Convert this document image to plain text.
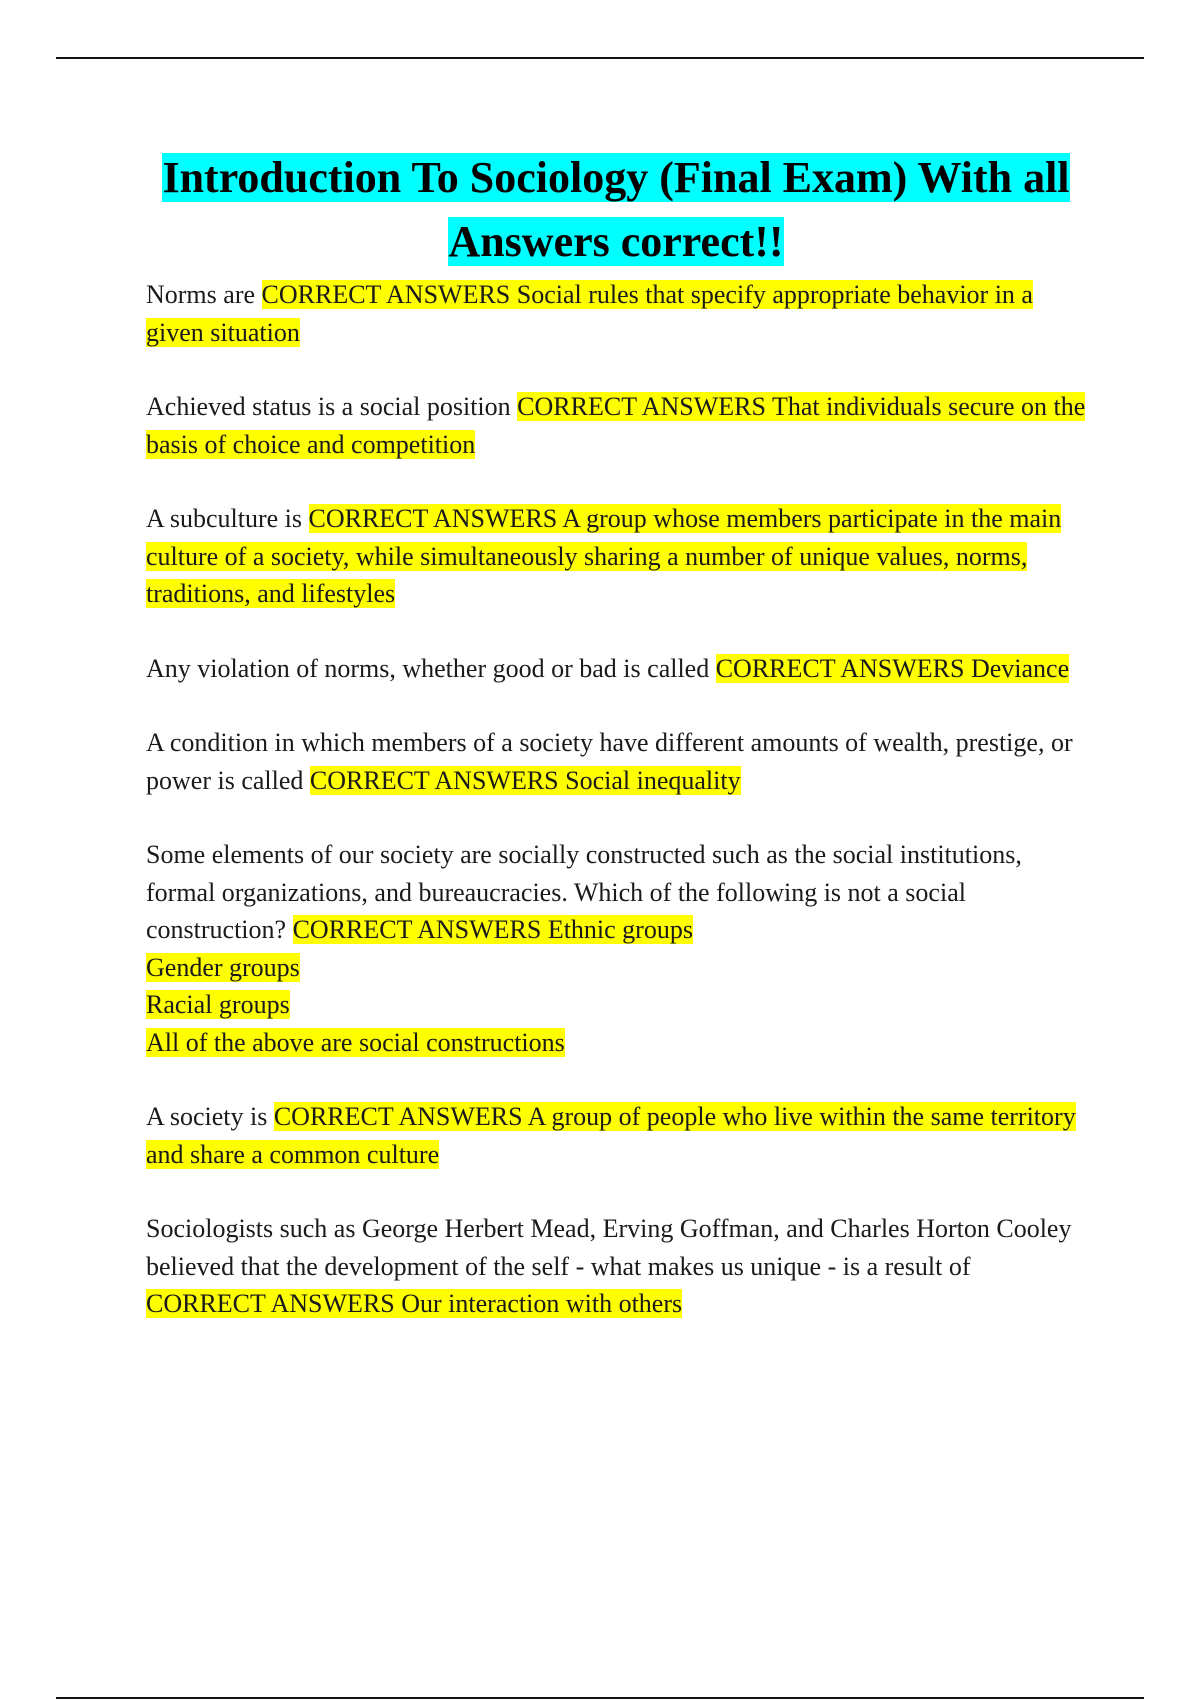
Introduction To Sociology (Final Exam) With all Answers correct!!

Norms are CORRECT ANSWERS Social rules that specify appropriate behavior in a given situation

Achieved status is a social position CORRECT ANSWERS That individuals secure on the basis of choice and competition

A subculture is CORRECT ANSWERS A group whose members participate in the main culture of a society, while simultaneously sharing a number of unique values, norms, traditions, and lifestyles

Any violation of norms, whether good or bad is called CORRECT ANSWERS Deviance

A condition in which members of a society have different amounts of wealth, prestige, or power is called CORRECT ANSWERS Social inequality

Some elements of our society are socially constructed such as the social institutions, formal organizations, and bureaucracies. Which of the following is not a social construction? CORRECT ANSWERS Ethnic groups
Gender groups
Racial groups
All of the above are social constructions

A society is CORRECT ANSWERS A group of people who live within the same territory and share a common culture

Sociologists such as George Herbert Mead, Erving Goffman, and Charles Horton Cooley believed that the development of the self - what makes us unique - is a result of CORRECT ANSWERS Our interaction with others
